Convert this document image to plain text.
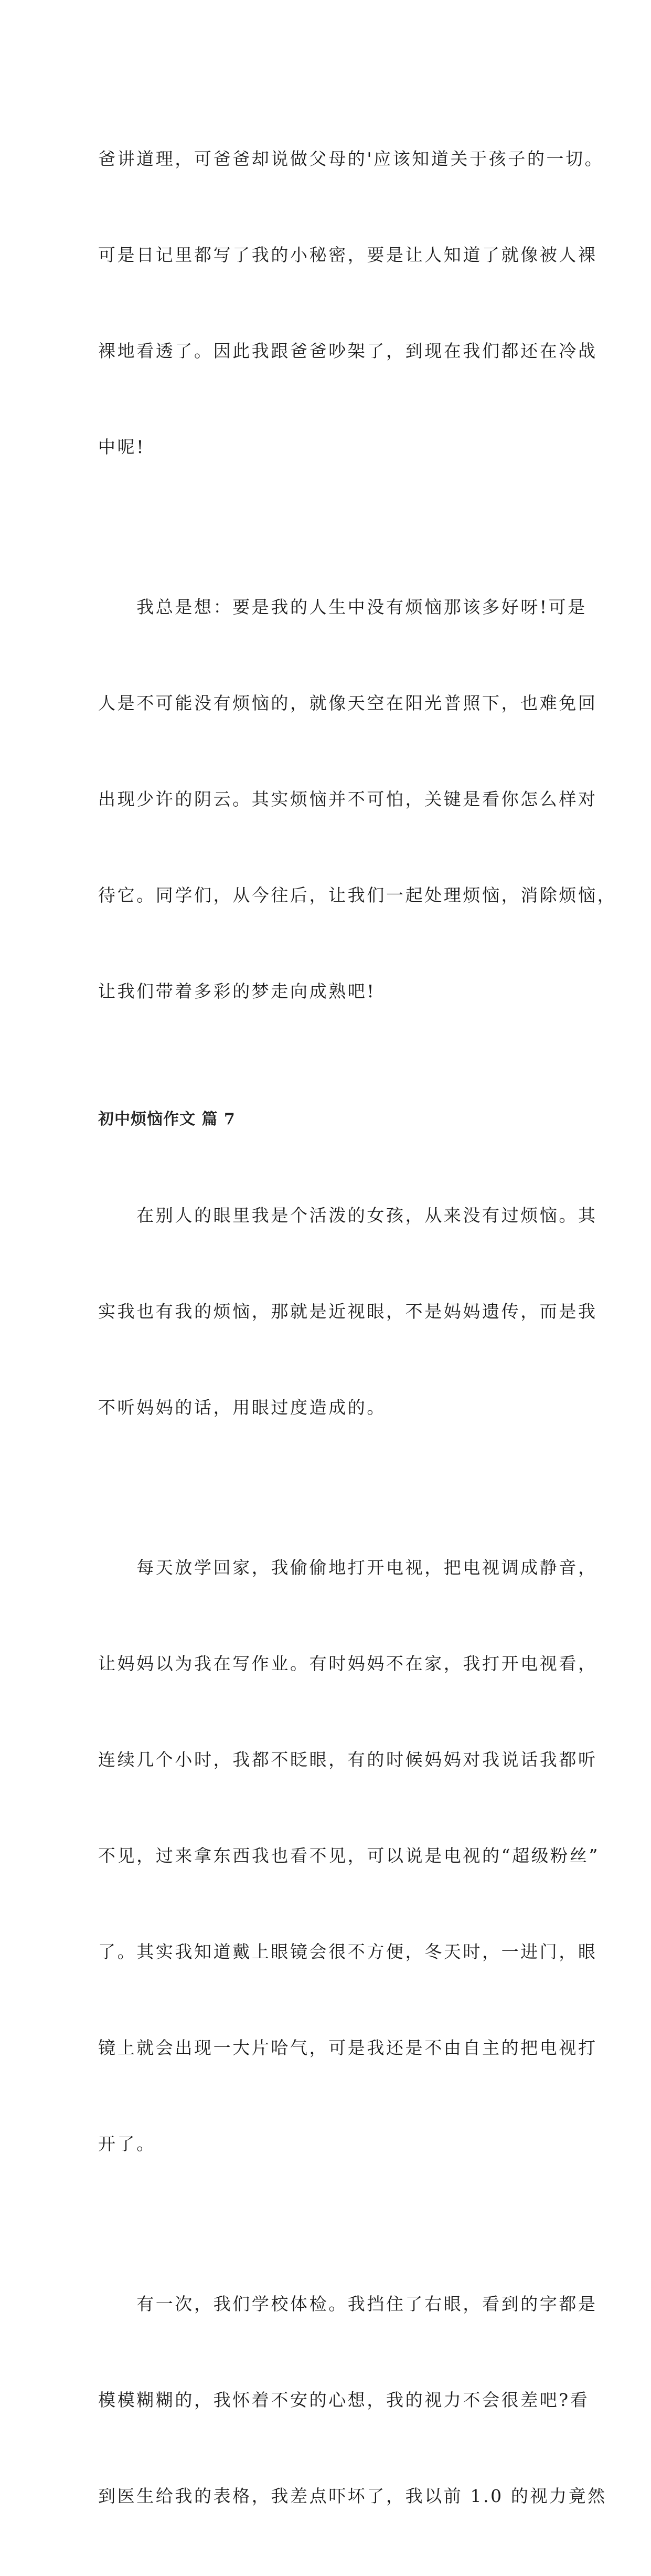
爸讲道理，可爸爸却说做父母的'应该知道关于孩子的一切。

可是日记里都写了我的小秘密，要是让人知道了就像被人裸

裸地看透了。因此我跟爸爸吵架了，到现在我们都还在冷战

中呢!

　　我总是想：要是我的人生中没有烦恼那该多好呀!可是

人是不可能没有烦恼的，就像天空在阳光普照下，也难免回

出现少许的阴云。其实烦恼并不可怕，关键是看你怎么样对

待它。同学们，从今往后，让我们一起处理烦恼，消除烦恼，

让我们带着多彩的梦走向成熟吧!

初中烦恼作文 篇 7

　　在别人的眼里我是个活泼的女孩，从来没有过烦恼。其

实我也有我的烦恼，那就是近视眼，不是妈妈遗传，而是我

不听妈妈的话，用眼过度造成的。

　　每天放学回家，我偷偷地打开电视，把电视调成静音，

让妈妈以为我在写作业。有时妈妈不在家，我打开电视看，

连续几个小时，我都不眨眼，有的时候妈妈对我说话我都听

不见，过来拿东西我也看不见，可以说是电视的“超级粉丝”

了。其实我知道戴上眼镜会很不方便，冬天时，一进门，眼

镜上就会出现一大片哈气，可是我还是不由自主的把电视打

开了。

　　有一次，我们学校体检。我挡住了右眼，看到的字都是

模模糊糊的，我怀着不安的心想，我的视力不会很差吧?看

到医生给我的表格，我差点吓坏了，我以前 1.0 的视力竟然
